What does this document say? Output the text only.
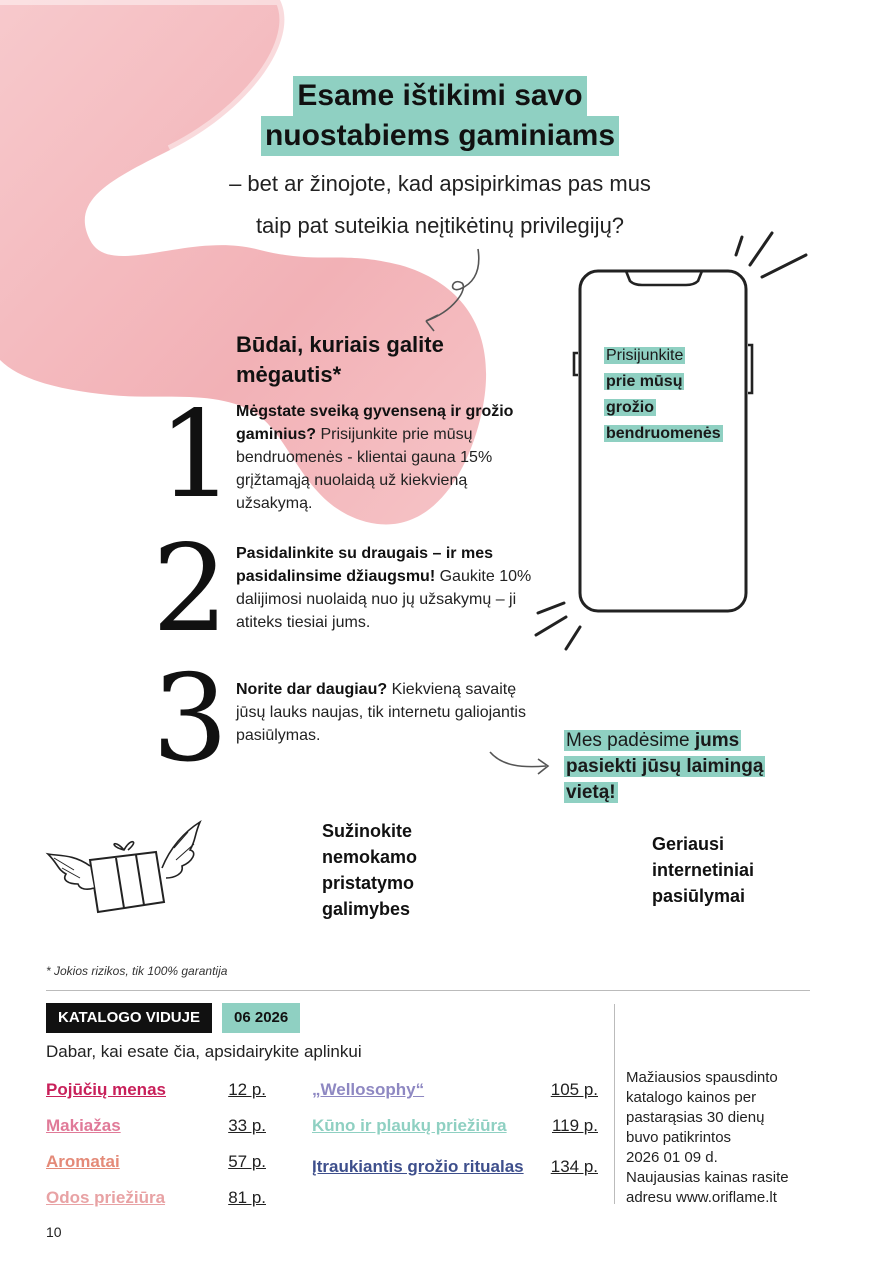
Esame ištikimi savo
nuostabiems gaminiams
– bet ar žinojote, kad apsipirkimas pas mus
taip pat suteikia neįtikėtinų privilegijų?
Būdai, kuriais galite
mėgautis*
1 Mėgstate sveiką gyvenseną ir grožio gaminius? Prisijunkite prie mūsų bendruomenės - klientai gauna 15% grįžtamąją nuolaidą už kiekvieną užsakymą.
2 Pasidalinkite su draugais – ir mes pasidalinsime džiaugsmu! Gaukite 10% dalijimosi nuolaidą nuo jų užsakymų – ji atiteks tiesiai jums.
3 Norite dar daugiau? Kiekvieną savaitę jūsų lauks naujas, tik internetu galiojantis pasiūlymas.
Prisijunkite
prie mūsų
grožio
bendruomenės
Mes padėsime jums
pasiekti jūsų laimingą
vietą!
Sužinokite
nemokamo
pristatymo
galimybes
Geriausi
internetiniai
pasiūlymai
* Jokios rizikos, tik 100% garantija
KATALOGO VIDUJE	06 2026
Dabar, kai esate čia, apsidairykite aplinkui
Pojūčių menas	12 p.
Makiažas	33 p.
Aromatai	57 p.
Odos priežiūra	81 p.
„Wellosophy“	105 p.
Kūno ir plaukų priežiūra	119 p.
Įtraukiantis grožio ritualas	134 p.
Mažiausios spausdinto
katalogo kainos per
pastarąsias 30 dienų
buvo patikrintos
2026 01 09 d.
Naujausias kainas rasite
adresu www.oriflame.lt
10
